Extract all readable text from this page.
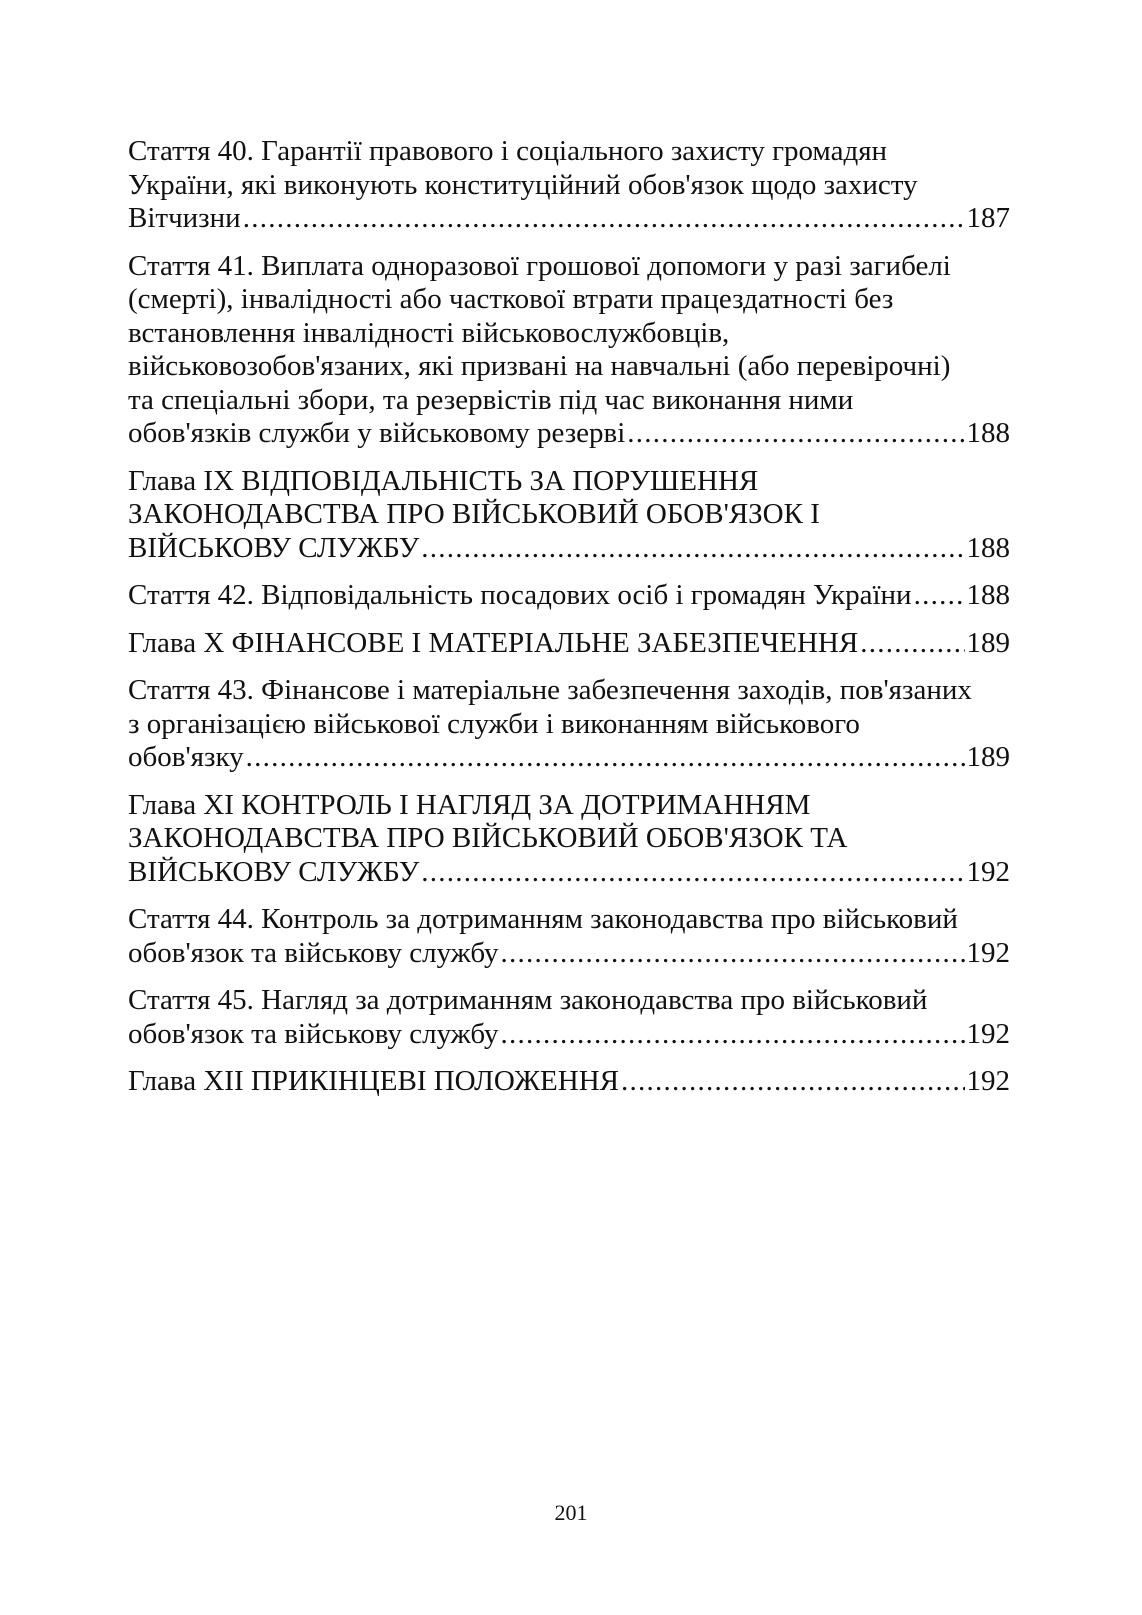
Стаття 40. Гарантії правового і соціального захисту громадян
України, які виконують конституційний обов'язок щодо захисту
Вітчизни . . .	187
Стаття 41. Виплата одноразової грошової допомоги у разі загибелі
(смерті), інвалідності або часткової втрати працездатності без
встановлення інвалідності військовослужбовців,
військовозобов'язаних, які призвані на навчальні (або перевірочні)
та спеціальні збори, та резервістів під час виконання ними
обов'язків служби у військовому резерві . . .	188
Глава IX ВІДПОВІДАЛЬНІСТЬ ЗА ПОРУШЕННЯ
ЗАКОНОДАВСТВА ПРО ВІЙСЬКОВИЙ ОБОВ'ЯЗОК І
ВІЙСЬКОВУ СЛУЖБУ . . .	188
Стаття 42. Відповідальність посадових осіб і громадян України . . . 188
Глава X ФІНАНСОВЕ І МАТЕРІАЛЬНЕ ЗАБЕЗПЕЧЕННЯ . . .	189
Стаття 43. Фінансове і матеріальне забезпечення заходів, пов'язаних
з організацією військової служби і виконанням військового
обов'язку . . .	189
Глава XI КОНТРОЛЬ І НАГЛЯД ЗА ДОТРИМАННЯМ
ЗАКОНОДАВСТВА ПРО ВІЙСЬКОВИЙ ОБОВ'ЯЗОК ТА
ВІЙСЬКОВУ СЛУЖБУ . . .	192
Стаття 44. Контроль за дотриманням законодавства про військовий
обов'язок та військову службу . . .	192
Стаття 45. Нагляд за дотриманням законодавства про військовий
обов'язок та військову службу . . .	192
Глава XII ПРИКІНЦЕВІ ПОЛОЖЕННЯ . . .	192
201
